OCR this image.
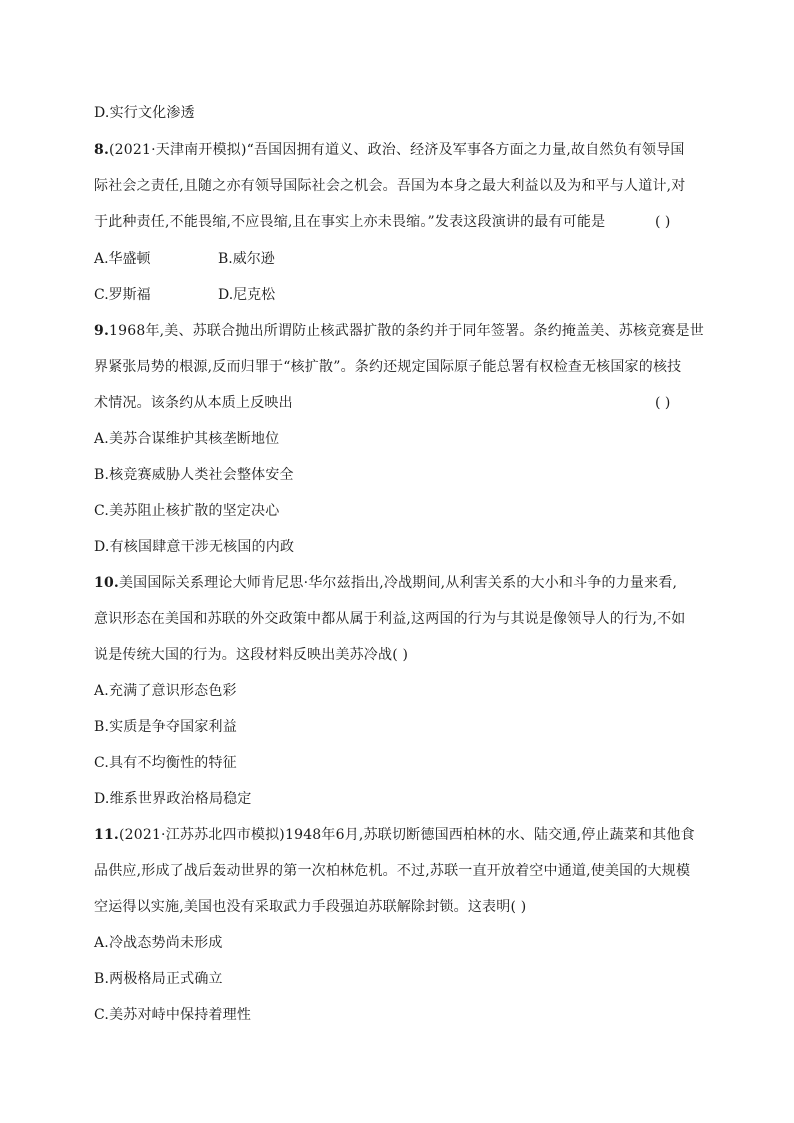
D.实行文化渗透
8.(2021·天津南开模拟)“吾国因拥有道义、政治、经济及军事各方面之力量,故自然负有领导国
际社会之责任,且随之亦有领导国际社会之机会。吾国为本身之最大利益以及为和平与人道计,对
于此种责任,不能畏缩,不应畏缩,且在事实上亦未畏缩。”发表这段演讲的最有可能是	( )
A.华盛顿	B.威尔逊
C.罗斯福	D.尼克松
9.1968年,美、苏联合抛出所谓防止核武器扩散的条约并于同年签署。条约掩盖美、苏核竞赛是世
界紧张局势的根源,反而归罪于“核扩散”。条约还规定国际原子能总署有权检查无核国家的核技
术情况。该条约从本质上反映出	( )
A.美苏合谋维护其核垄断地位
B.核竞赛威胁人类社会整体安全
C.美苏阻止核扩散的坚定决心
D.有核国肆意干涉无核国的内政
10.美国国际关系理论大师肯尼思·华尔兹指出,冷战期间,从利害关系的大小和斗争的力量来看,
意识形态在美国和苏联的外交政策中都从属于利益,这两国的行为与其说是像领导人的行为,不如
说是传统大国的行为。这段材料反映出美苏冷战( )
A.充满了意识形态色彩
B.实质是争夺国家利益
C.具有不均衡性的特征
D.维系世界政治格局稳定
11.(2021·江苏苏北四市模拟)1948年6月,苏联切断德国西柏林的水、陆交通,停止蔬菜和其他食
品供应,形成了战后轰动世界的第一次柏林危机。不过,苏联一直开放着空中通道,使美国的大规模
空运得以实施,美国也没有采取武力手段强迫苏联解除封锁。这表明( )
A.冷战态势尚未形成
B.两极格局正式确立
C.美苏对峙中保持着理性
